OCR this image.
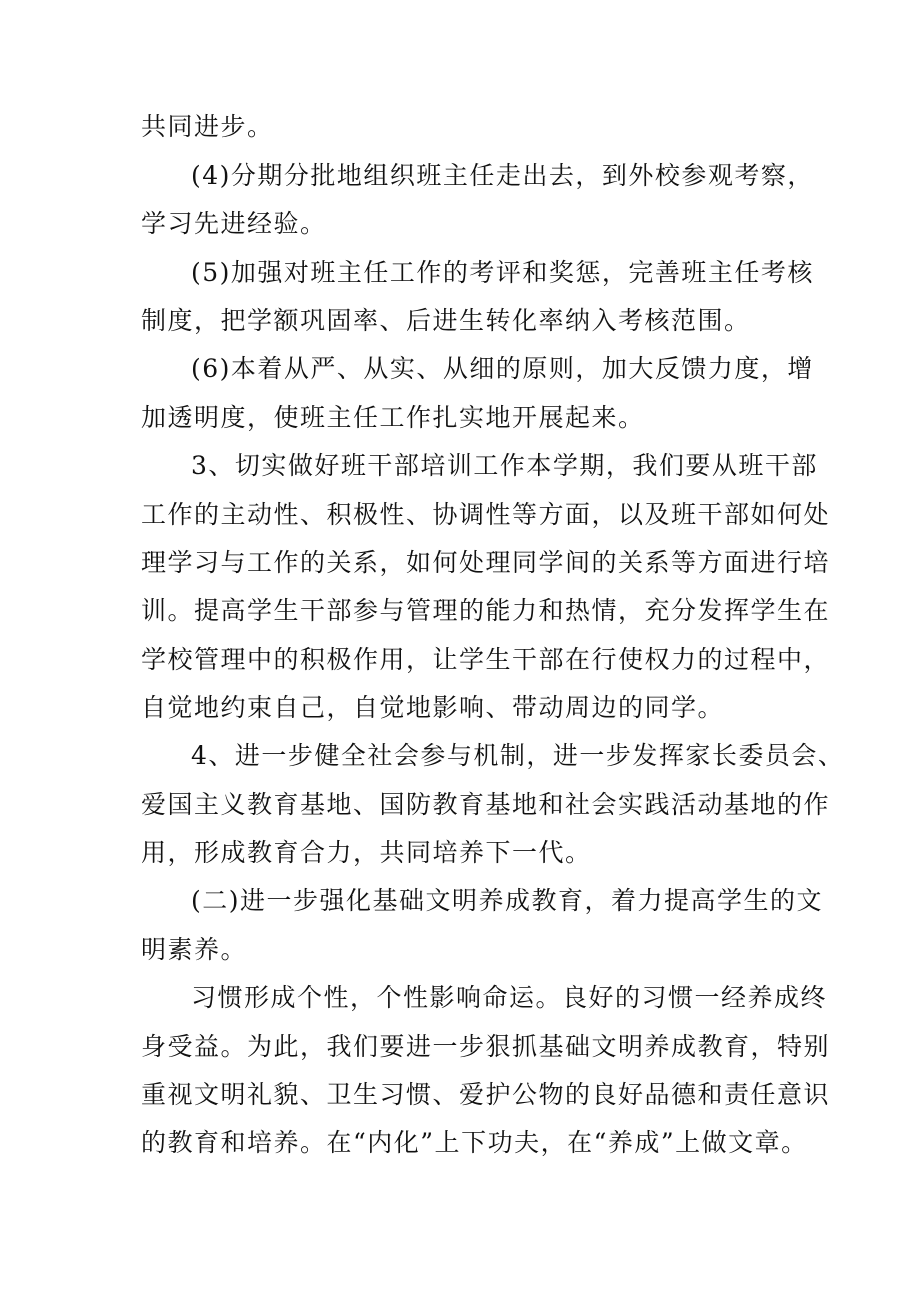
共同进步。
(4)分期分批地组织班主任走出去，到外校参观考察，
学习先进经验。
(5)加强对班主任工作的考评和奖惩，完善班主任考核
制度，把学额巩固率、后进生转化率纳入考核范围。
(6)本着从严、从实、从细的原则，加大反馈力度，增
加透明度，使班主任工作扎实地开展起来。
3、切实做好班干部培训工作本学期，我们要从班干部
工作的主动性、积极性、协调性等方面，以及班干部如何处
理学习与工作的关系，如何处理同学间的关系等方面进行培
训。提高学生干部参与管理的能力和热情，充分发挥学生在
学校管理中的积极作用，让学生干部在行使权力的过程中，
自觉地约束自己，自觉地影响、带动周边的同学。
4、进一步健全社会参与机制，进一步发挥家长委员会、
爱国主义教育基地、国防教育基地和社会实践活动基地的作
用，形成教育合力，共同培养下一代。
(二)进一步强化基础文明养成教育，着力提高学生的文
明素养。
习惯形成个性，个性影响命运。良好的习惯一经养成终
身受益。为此，我们要进一步狠抓基础文明养成教育，特别
重视文明礼貌、卫生习惯、爱护公物的良好品德和责任意识
的教育和培养。在“内化”上下功夫，在“养成”上做文章。
